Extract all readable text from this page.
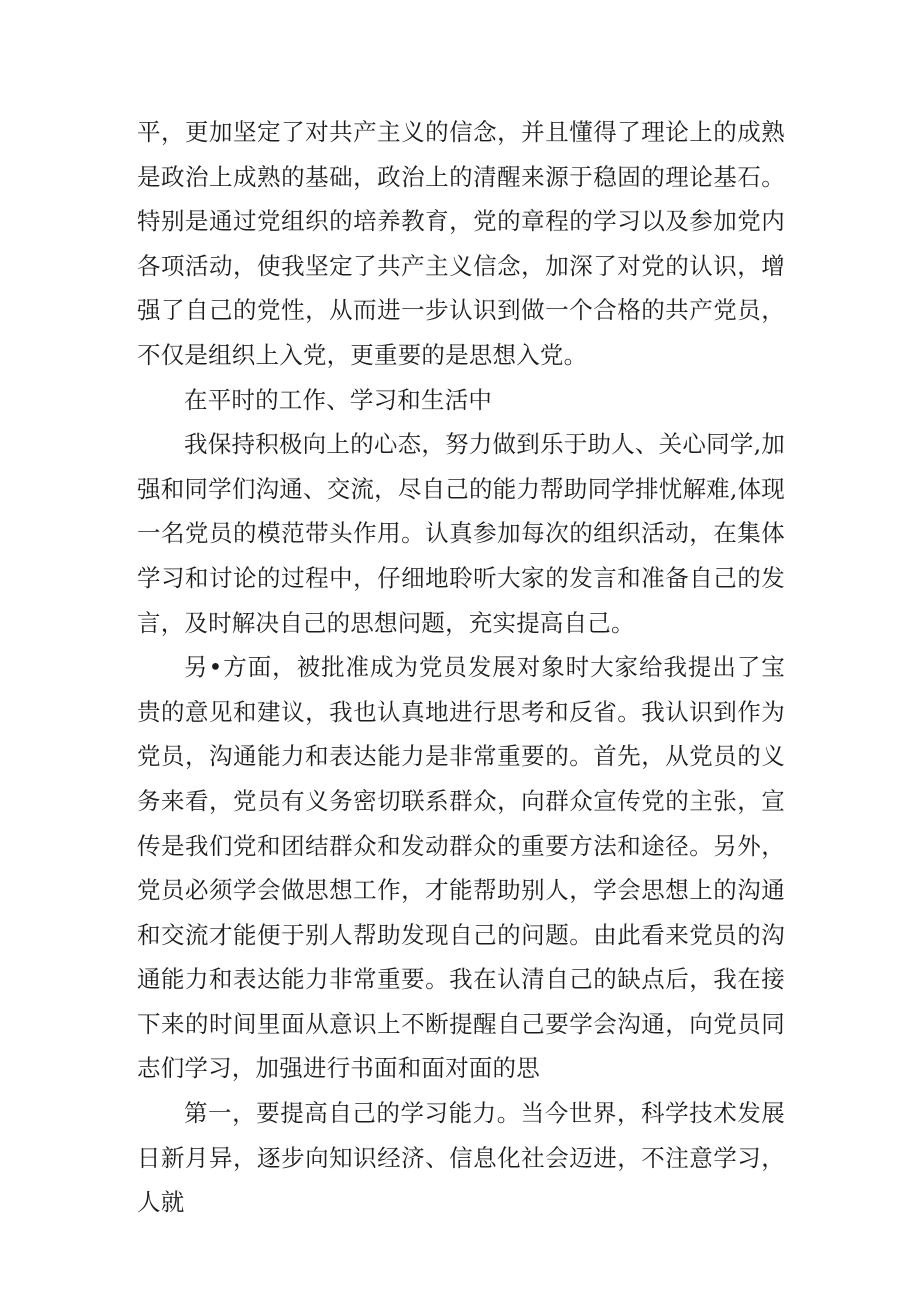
平，更加坚定了对共产主义的信念，并且懂得了理论上的成熟是政治上成熟的基础，政治上的清醒来源于稳固的理论基石。特别是通过党组织的培养教育，党的章程的学习以及参加党内各项活动，使我坚定了共产主义信念，加深了对党的认识，增强了自己的党性，从而进一步认识到做一个合格的共产党员，不仅是组织上入党，更重要的是思想入党。

在平时的工作、学习和生活中

我保持积极向上的心态，努力做到乐于助人、关心同学,加强和同学们沟通、交流，尽自己的能力帮助同学排忧解难,体现一名党员的模范带头作用。认真参加每次的组织活动，在集体学习和讨论的过程中，仔细地聆听大家的发言和准备自己的发言，及时解决自己的思想问题，充实提高自己。

另•方面，被批准成为党员发展对象时大家给我提出了宝贵的意见和建议，我也认真地进行思考和反省。我认识到作为党员，沟通能力和表达能力是非常重要的。首先，从党员的义务来看，党员有义务密切联系群众，向群众宣传党的主张，宣传是我们党和团结群众和发动群众的重要方法和途径。另外，党员必须学会做思想工作，才能帮助别人，学会思想上的沟通和交流才能便于别人帮助发现自己的问题。由此看来党员的沟通能力和表达能力非常重要。我在认清自己的缺点后，我在接下来的时间里面从意识上不断提醒自己要学会沟通，向党员同志们学习，加强进行书面和面对面的思

第一，要提高自己的学习能力。当今世界，科学技术发展日新月异，逐步向知识经济、信息化社会迈进，不注意学习，人就
